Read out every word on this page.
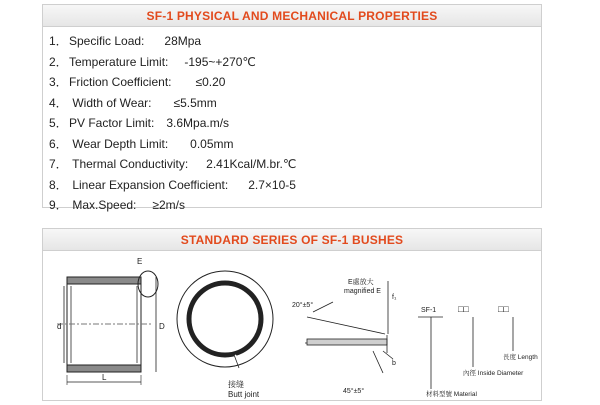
SF-1 PHYSICAL AND MECHANICAL PROPERTIES
1． Specific Load: 28Mpa
2． Temperature Limit: -195~+270℃
3． Friction Coefficient: ≤0.20
4． Width of Wear: ≤5.5mm
5． PV Factor Limit: 3.6Mpa.m/s
6． Wear Depth Limit: 0.05mm
7． Thermal Conductivity: 2.41Kcal/M.br.℃
8． Linear Expansion Coefficient: 2.7×10-5
9． Max.Speed: ≥2m/s
STANDARD SERIES OF SF-1 BUSHES
E
d	D
L
接缝
Butt joint
20°±5°
E處放大
magnified E
f₁
b
45°±5°
SF-1 □□	□□
長度 Length
內徑 Inside Diameter
材料型號 Material
